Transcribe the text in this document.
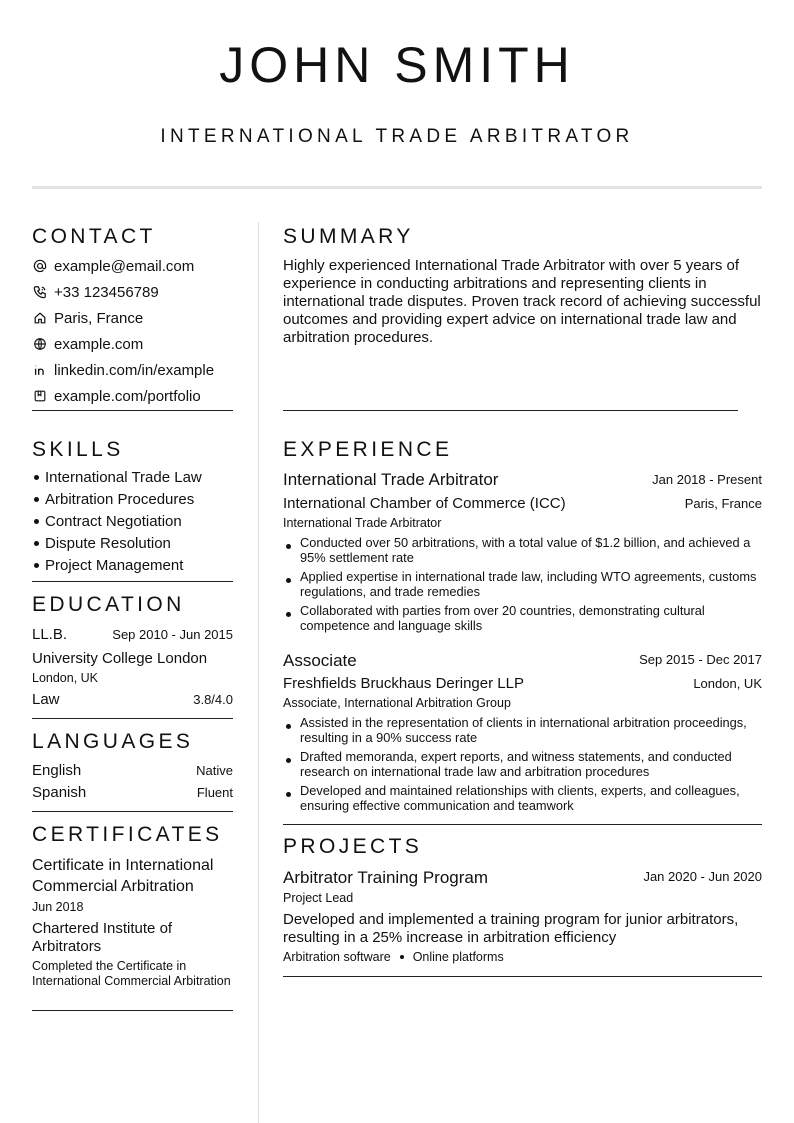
JOHN SMITH
INTERNATIONAL TRADE ARBITRATOR
CONTACT
example@email.com
+33 123456789
Paris, France
example.com
linkedin.com/in/example
example.com/portfolio
SKILLS
International Trade Law
Arbitration Procedures
Contract Negotiation
Dispute Resolution
Project Management
EDUCATION
LL.B.	Sep 2010 - Jun 2015
University College London
London, UK
Law	3.8/4.0
LANGUAGES
English	Native
Spanish	Fluent
CERTIFICATES
Certificate in International Commercial Arbitration
Jun 2018
Chartered Institute of Arbitrators
Completed the Certificate in International Commercial Arbitration
SUMMARY
Highly experienced International Trade Arbitrator with over 5 years of experience in conducting arbitrations and representing clients in international trade disputes. Proven track record of achieving successful outcomes and providing expert advice on international trade law and arbitration procedures.
EXPERIENCE
International Trade Arbitrator	Jan 2018 - Present
International Chamber of Commerce (ICC)	Paris, France
International Trade Arbitrator
Conducted over 50 arbitrations, with a total value of $1.2 billion, and achieved a 95% settlement rate
Applied expertise in international trade law, including WTO agreements, customs regulations, and trade remedies
Collaborated with parties from over 20 countries, demonstrating cultural competence and language skills
Associate	Sep 2015 - Dec 2017
Freshfields Bruckhaus Deringer LLP	London, UK
Associate, International Arbitration Group
Assisted in the representation of clients in international arbitration proceedings, resulting in a 90% success rate
Drafted memoranda, expert reports, and witness statements, and conducted research on international trade law and arbitration procedures
Developed and maintained relationships with clients, experts, and colleagues, ensuring effective communication and teamwork
PROJECTS
Arbitrator Training Program	Jan 2020 - Jun 2020
Project Lead
Developed and implemented a training program for junior arbitrators, resulting in a 25% increase in arbitration efficiency
Arbitration software Online platforms
